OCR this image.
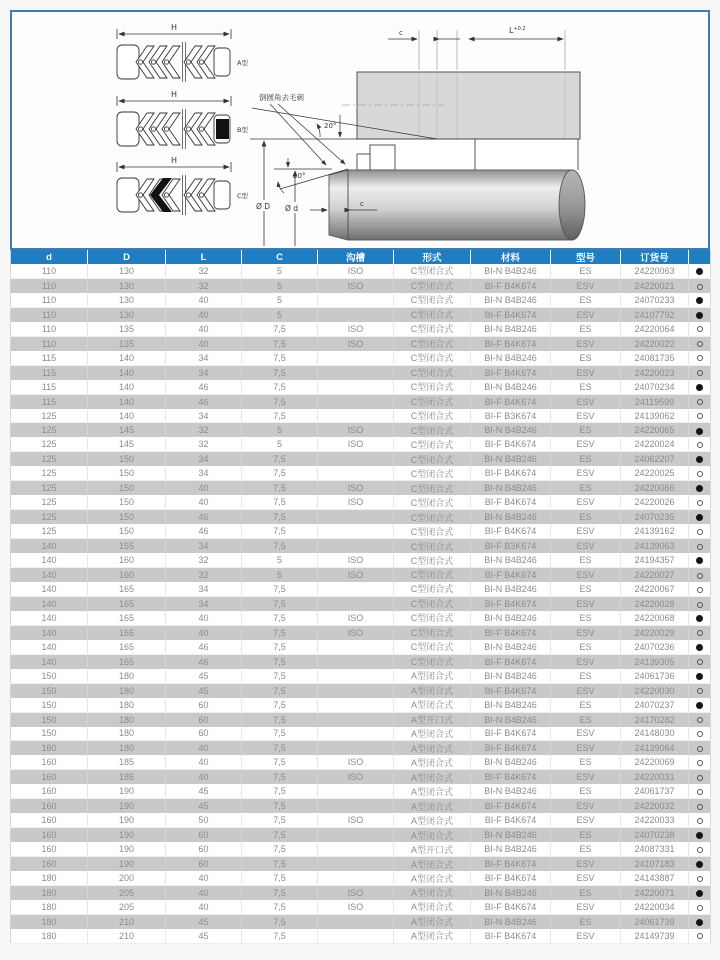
H
A型
H
B型
H
C型
20°
倒圆角去毛刺
20°
Ø D Ø d
c	$L^{+0.2}$
c
d	D	L	C	沟槽	形式	材料	型号	订货号	
110	130	32	5	ISO	C型闭合式	BI-N B4B246	ES	24220063	
110	130	32	5	ISO	C型闭合式	BI-F B4K674	ESV	24220021	
110	130	40	5		C型闭合式	BI-N B4B246	ES	24070233	
110	130	40	5		C型闭合式	BI-F B4K674	ESV	24107792	
110	135	40	7,5	ISO	C型闭合式	BI-N B4B246	ES	24220064	
110	135	40	7,5	ISO	C型闭合式	BI-F B4K674	ESV	24220022	
115	140	34	7,5		C型闭合式	BI-N B4B246	ES	24081735	
115	140	34	7,5		C型闭合式	BI-F B4K674	ESV	24220023	
115	140	46	7,5		C型闭合式	BI-N B4B246	ES	24070234	
115	140	46	7,5		C型闭合式	BI-F B4K674	ESV	24119599	
125	140	34	7,5		C型闭合式	BI-F B3K674	ESV	24139062	
125	145	32	5	ISO	C型闭合式	BI-N B4B246	ES	24220065	
125	145	32	5	ISO	C型闭合式	BI-F B4K674	ESV	24220024	
125	150	34	7,5		C型闭合式	BI-N B4B246	ES	24062207	
125	150	34	7,5		C型闭合式	BI-F B4K674	ESV	24220025	
125	150	40	7,5	ISO	C型闭合式	BI-N B4B246	ES	24220066	
125	150	40	7,5	ISO	C型闭合式	BI-F B4K674	ESV	24220026	
125	150	46	7,5		C型闭合式	BI-N B4B246	ES	24070235	
125	150	46	7,5		C型闭合式	BI-F B4K674	ESV	24139162	
140	155	34	7,5		C型闭合式	BI-F B3K674	ESV	24139063	
140	160	32	5	ISO	C型闭合式	BI-N B4B246	ES	24194357	
140	160	32	5	ISO	C型闭合式	BI-F B4K674	ESV	24220027	
140	165	34	7,5		C型闭合式	BI-N B4B246	ES	24220067	
140	165	34	7,5		C型闭合式	BI-F B4K674	ESV	24220028	
140	165	40	7,5	ISO	C型闭合式	BI-N B4B246	ES	24220068	
140	165	40	7,5	ISO	C型闭合式	BI-F B4K674	ESV	24220029	
140	165	46	7,5		C型闭合式	BI-N B4B246	ES	24070236	
140	165	46	7,5		C型闭合式	BI-F B4K674	ESV	24139305	
150	180	45	7,5		A型闭合式	BI-N B4B246	ES	24061736	
150	180	45	7,5		A型闭合式	BI-F B4K674	ESV	24220030	
150	180	60	7,5		A型闭合式	BI-N B4B246	ES	24070237	
150	180	60	7,5		A型开口式	BI-N B4B246	ES	24170282	
150	180	60	7,5		A型闭合式	BI-F B4K674	ESV	24148030	
160	180	40	7,5		A型闭合式	BI-F B4K674	ESV	24139064	
160	185	40	7,5	ISO	A型闭合式	BI-N B4B246	ES	24220069	
160	185	40	7,5	ISO	A型闭合式	BI-F B4K674	ESV	24220031	
160	190	45	7,5		A型闭合式	BI-N B4B246	ES	24061737	
160	190	45	7,5		A型闭合式	BI-F B4K674	ESV	24220032	
160	190	50	7,5	ISO	A型闭合式	BI-F B4K674	ESV	24220033	
160	190	60	7,5		A型闭合式	BI-N B4B246	ES	24070238	
160	190	60	7,5		A型开口式	BI-N B4B246	ES	24087331	
160	190	60	7,5		A型闭合式	BI-F B4K674	ESV	24107183	
180	200	40	7,5		A型闭合式	BI-F B4K674	ESV	24143887	
180	205	40	7,5	ISO	A型闭合式	BI-N B4B246	ES	24220071	
180	205	40	7,5	ISO	A型闭合式	BI-F B4K674	ESV	24220034	
180	210	45	7,5		A型闭合式	BI-N B4B246	ES	24061739	
180	210	45	7,5		A型闭合式	BI-F B4K674	ESV	24149739	
